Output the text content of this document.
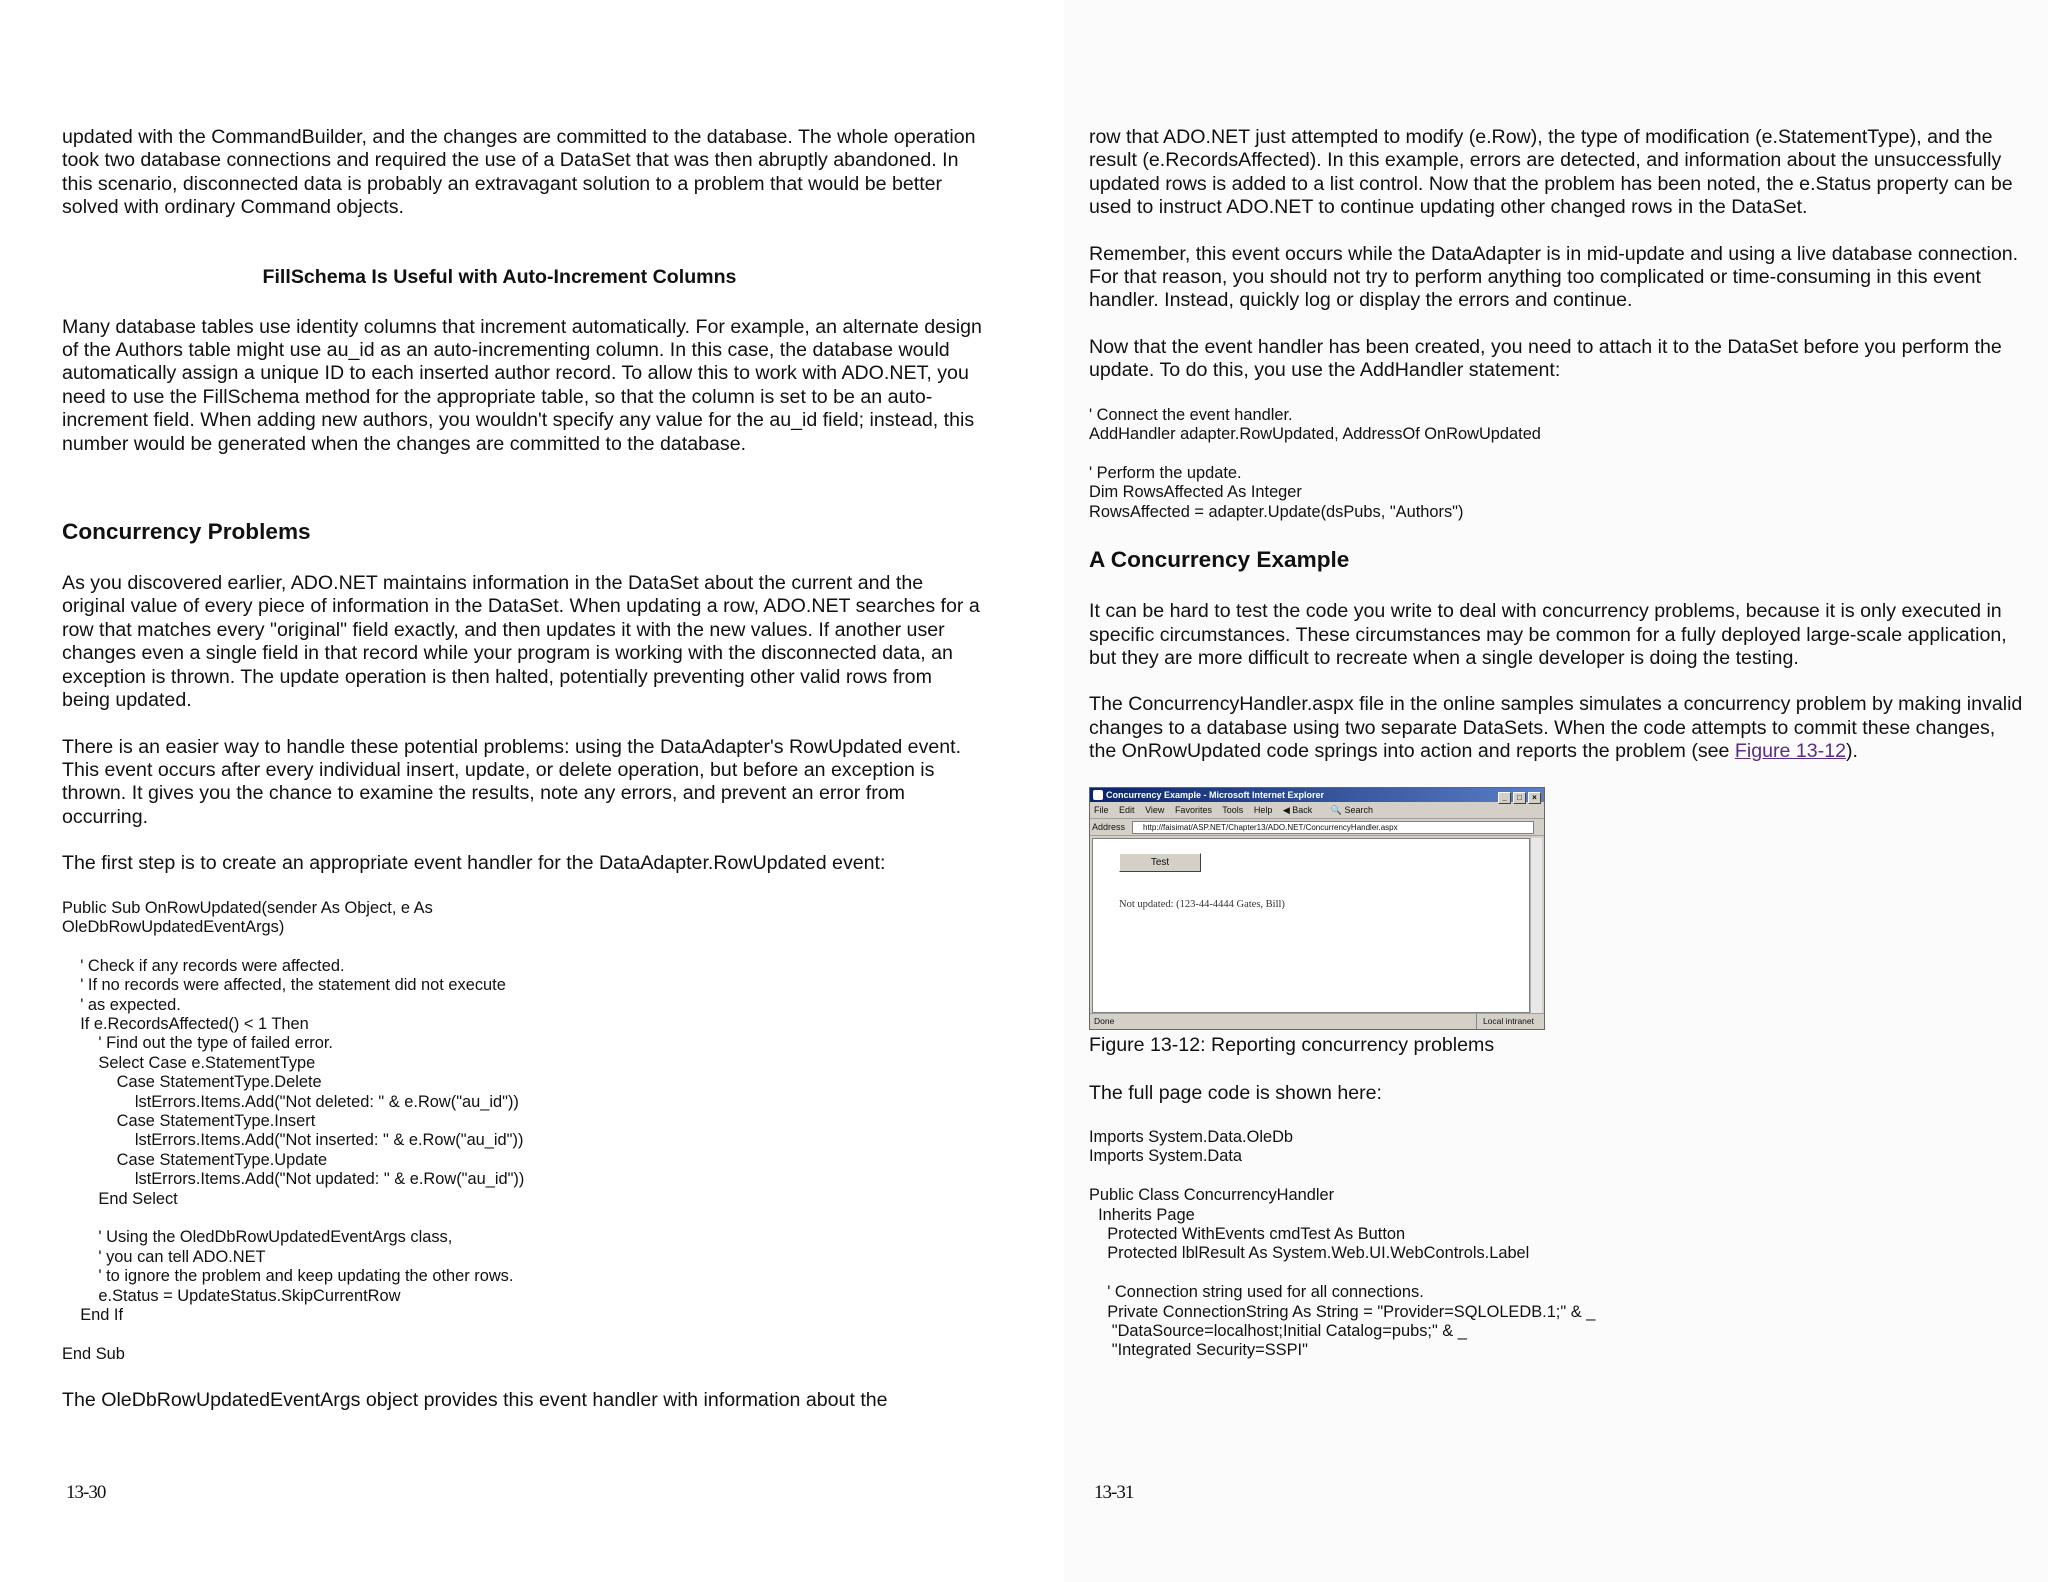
updated with the CommandBuilder, and the changes are committed to the database. The whole operation took two database connections and required the use of a DataSet that was then abruptly abandoned. In this scenario, disconnected data is probably an extravagant solution to a problem that would be better solved with ordinary Command objects.

FillSchema Is Useful with Auto-Increment Columns

Many database tables use identity columns that increment automatically. For example, an alternate design of the Authors table might use au_id as an auto-incrementing column. In this case, the database would automatically assign a unique ID to each inserted author record. To allow this to work with ADO.NET, you need to use the FillSchema method for the appropriate table, so that the column is set to be an auto-increment field. When adding new authors, you wouldn't specify any value for the au_id field; instead, this number would be generated when the changes are committed to the database.

Concurrency Problems

As you discovered earlier, ADO.NET maintains information in the DataSet about the current and the original value of every piece of information in the DataSet. When updating a row, ADO.NET searches for a row that matches every "original" field exactly, and then updates it with the new values. If another user changes even a single field in that record while your program is working with the disconnected data, an exception is thrown. The update operation is then halted, potentially preventing other valid rows from being updated.

There is an easier way to handle these potential problems: using the DataAdapter's RowUpdated event. This event occurs after every individual insert, update, or delete operation, but before an exception is thrown. It gives you the chance to examine the results, note any errors, and prevent an error from occurring.

The first step is to create an appropriate event handler for the DataAdapter.RowUpdated event:

Public Sub OnRowUpdated(sender As Object, e As
OleDbRowUpdatedEventArgs)

' Check if any records were affected.
' If no records were affected, the statement did not execute
' as expected.
If e.RecordsAffected() < 1 Then
' Find out the type of failed error.
Select Case e.StatementType
Case StatementType.Delete
lstErrors.Items.Add("Not deleted: " & e.Row("au_id"))
Case StatementType.Insert
lstErrors.Items.Add("Not inserted: " & e.Row("au_id"))
Case StatementType.Update
lstErrors.Items.Add("Not updated: " & e.Row("au_id"))
End Select

' Using the OledDbRowUpdatedEventArgs class,
' you can tell ADO.NET
' to ignore the problem and keep updating the other rows.
e.Status = UpdateStatus.SkipCurrentRow
End If

End Sub

The OleDbRowUpdatedEventArgs object provides this event handler with information about the

13-30

row that ADO.NET just attempted to modify (e.Row), the type of modification (e.StatementType), and the result (e.RecordsAffected). In this example, errors are detected, and information about the unsuccessfully updated rows is added to a list control. Now that the problem has been noted, the e.Status property can be used to instruct ADO.NET to continue updating other changed rows in the DataSet.

Remember, this event occurs while the DataAdapter is in mid-update and using a live database connection. For that reason, you should not try to perform anything too complicated or time-consuming in this event handler. Instead, quickly log or display the errors and continue.

Now that the event handler has been created, you need to attach it to the DataSet before you perform the update. To do this, you use the AddHandler statement:

' Connect the event handler.
AddHandler adapter.RowUpdated, AddressOf OnRowUpdated

' Perform the update.
Dim RowsAffected As Integer
RowsAffected = adapter.Update(dsPubs, "Authors")
A Concurrency Example

It can be hard to test the code you write to deal with concurrency problems, because it is only executed in specific circumstances. These circumstances may be common for a fully deployed large-scale application, but they are more difficult to recreate when a single developer is doing the testing.

The ConcurrencyHandler.aspx file in the online samples simulates a concurrency problem by making invalid changes to a database using two separate DataSets. When the code attempts to commit these changes, the OnRowUpdated code springs into action and reports the problem (see Figure 13-12).

Concurrency Example - Microsoft Internet Explorer	_ □ ×
File Edit View Favorites Tools Help ◀ Back 🔍 Search
Address	http://faisimat/ASP.NET/Chapter13/ADO.NET/ConcurrencyHandler.aspx
Test
Not updated: (123-44-4444 Gates, Bill)
Done	Local intranet
Figure 13-12: Reporting concurrency problems

The full page code is shown here:

Imports System.Data.OleDb
Imports System.Data

Public Class ConcurrencyHandler
Inherits Page
Protected WithEvents cmdTest As Button
Protected lblResult As System.Web.UI.WebControls.Label

' Connection string used for all connections.
Private ConnectionString As String = "Provider=SQLOLEDB.1;" & _
"DataSource=localhost;Initial Catalog=pubs;" & _
"Integrated Security=SSPI"
13-31
